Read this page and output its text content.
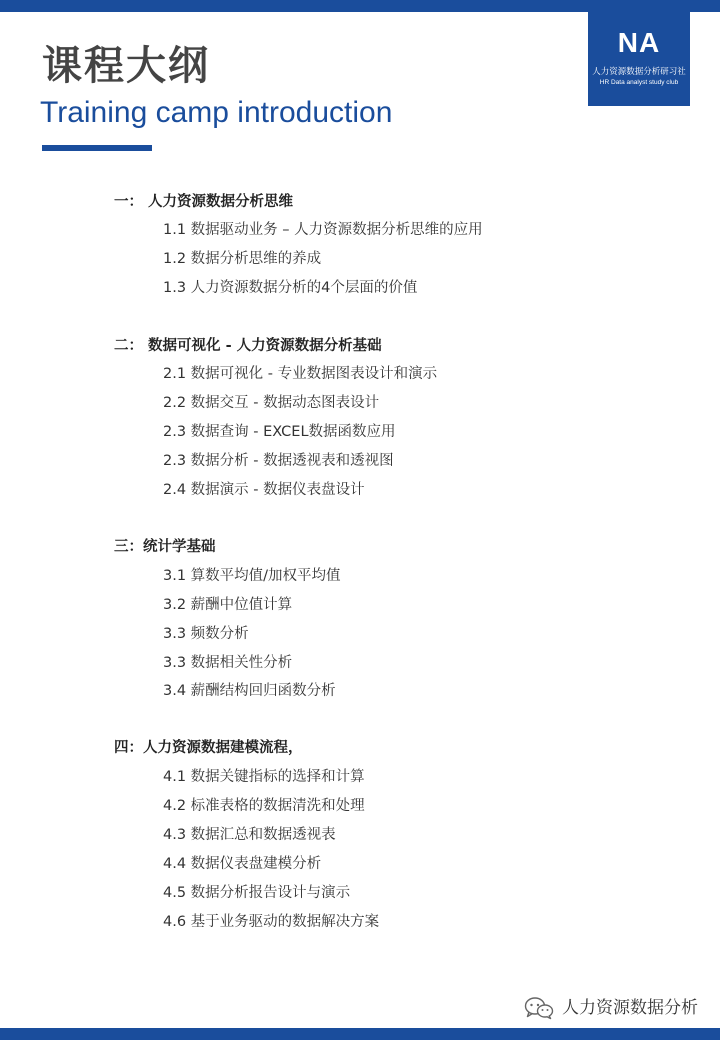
NA
人力资源数据分析研习社
HR Data analyst study club
课程大纲
Training camp introduction
一： 人力资源数据分析思维
1.1 数据驱动业务 – 人力资源数据分析思维的应用
1.2 数据分析思维的养成
1.3 人力资源数据分析的4个层面的价值
二： 数据可视化 - 人力资源数据分析基础
2.1 数据可视化 - 专业数据图表设计和演示
2.2 数据交互 - 数据动态图表设计
2.3 数据查询 - EXCEL数据函数应用
2.3 数据分析 - 数据透视表和透视图
2.4 数据演示 - 数据仪表盘设计
三：统计学基础
3.1 算数平均值/加权平均值
3.2 薪酬中位值计算
3.3 频数分析
3.3 数据相关性分析
3.4 薪酬结构回归函数分析
四：人力资源数据建模流程，
4.1 数据关键指标的选择和计算
4.2 标准表格的数据清洗和处理
4.3 数据汇总和数据透视表
4.4 数据仪表盘建模分析
4.5 数据分析报告设计与演示
4.6 基于业务驱动的数据解决方案
人力资源数据分析
